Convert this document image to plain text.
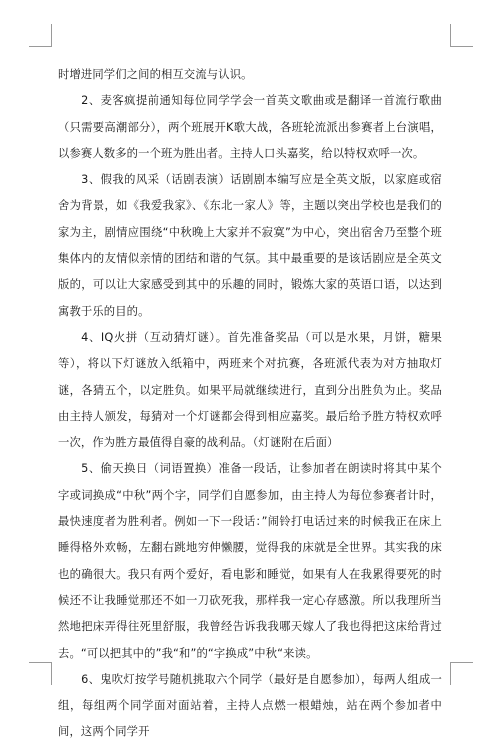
时增进同学们之间的相互交流与认识。

2、麦客疯提前通知每位同学学会一首英文歌曲或是翻译一首流行歌曲（只需要高潮部分），两个班展开K歌大战，各班轮流派出参赛者上台演唱，以参赛人数多的一个班为胜出者。主持人口头嘉奖，给以特权欢呼一次。

3、假我的风采（话剧表演）话剧剧本编写应是全英文版，以家庭或宿舍为背景，如《我爱我家》、《东北一家人》等，主题以突出学校也是我们的家为主，剧情应围绕“中秋晚上大家并不寂寞”为中心，突出宿舍乃至整个班集体内的友情似亲情的团结和谐的气氛。其中最重要的是该话剧应是全英文版的，可以让大家感受到其中的乐趣的同时，锻炼大家的英语口语，以达到寓教于乐的目的。

4、IQ火拼（互动猜灯谜）。首先准备奖品（可以是水果，月饼，糖果等），将以下灯谜放入纸箱中，两班来个对抗赛，各班派代表为对方抽取灯谜，各猜五个，以定胜负。如果平局就继续进行，直到分出胜负为止。奖品由主持人颁发，每猜对一个灯谜都会得到相应嘉奖。最后给予胜方特权欢呼一次，作为胜方最值得自豪的战利品。（灯谜附在后面）

5、偷天换日（词语置换）准备一段话，让参加者在朗读时将其中某个字或词换成“中秋”两个字，同学们自愿参加，由主持人为每位参赛者计时，最快速度者为胜利者。例如一下一段话：”闹铃打电话过来的时候我正在床上睡得格外欢畅，左翻右跳地穷伸懒腰，觉得我的床就是全世界。其实我的床也的确很大。我只有两个爱好，看电影和睡觉，如果有人在我累得要死的时候还不让我睡觉那还不如一刀砍死我，那样我一定心存感激。所以我理所当然地把床弄得往死里舒服，我曾经告诉我我哪天嫁人了我也得把这床给背过去。“可以把其中的”我“和”的“字换成”中秋“来读。

6、鬼吹灯按学号随机挑取六个同学（最好是自愿参加），每两人组成一组，每组两个同学面对面站着，主持人点燃一根蜡烛，站在两个参加者中间，这两个同学开
